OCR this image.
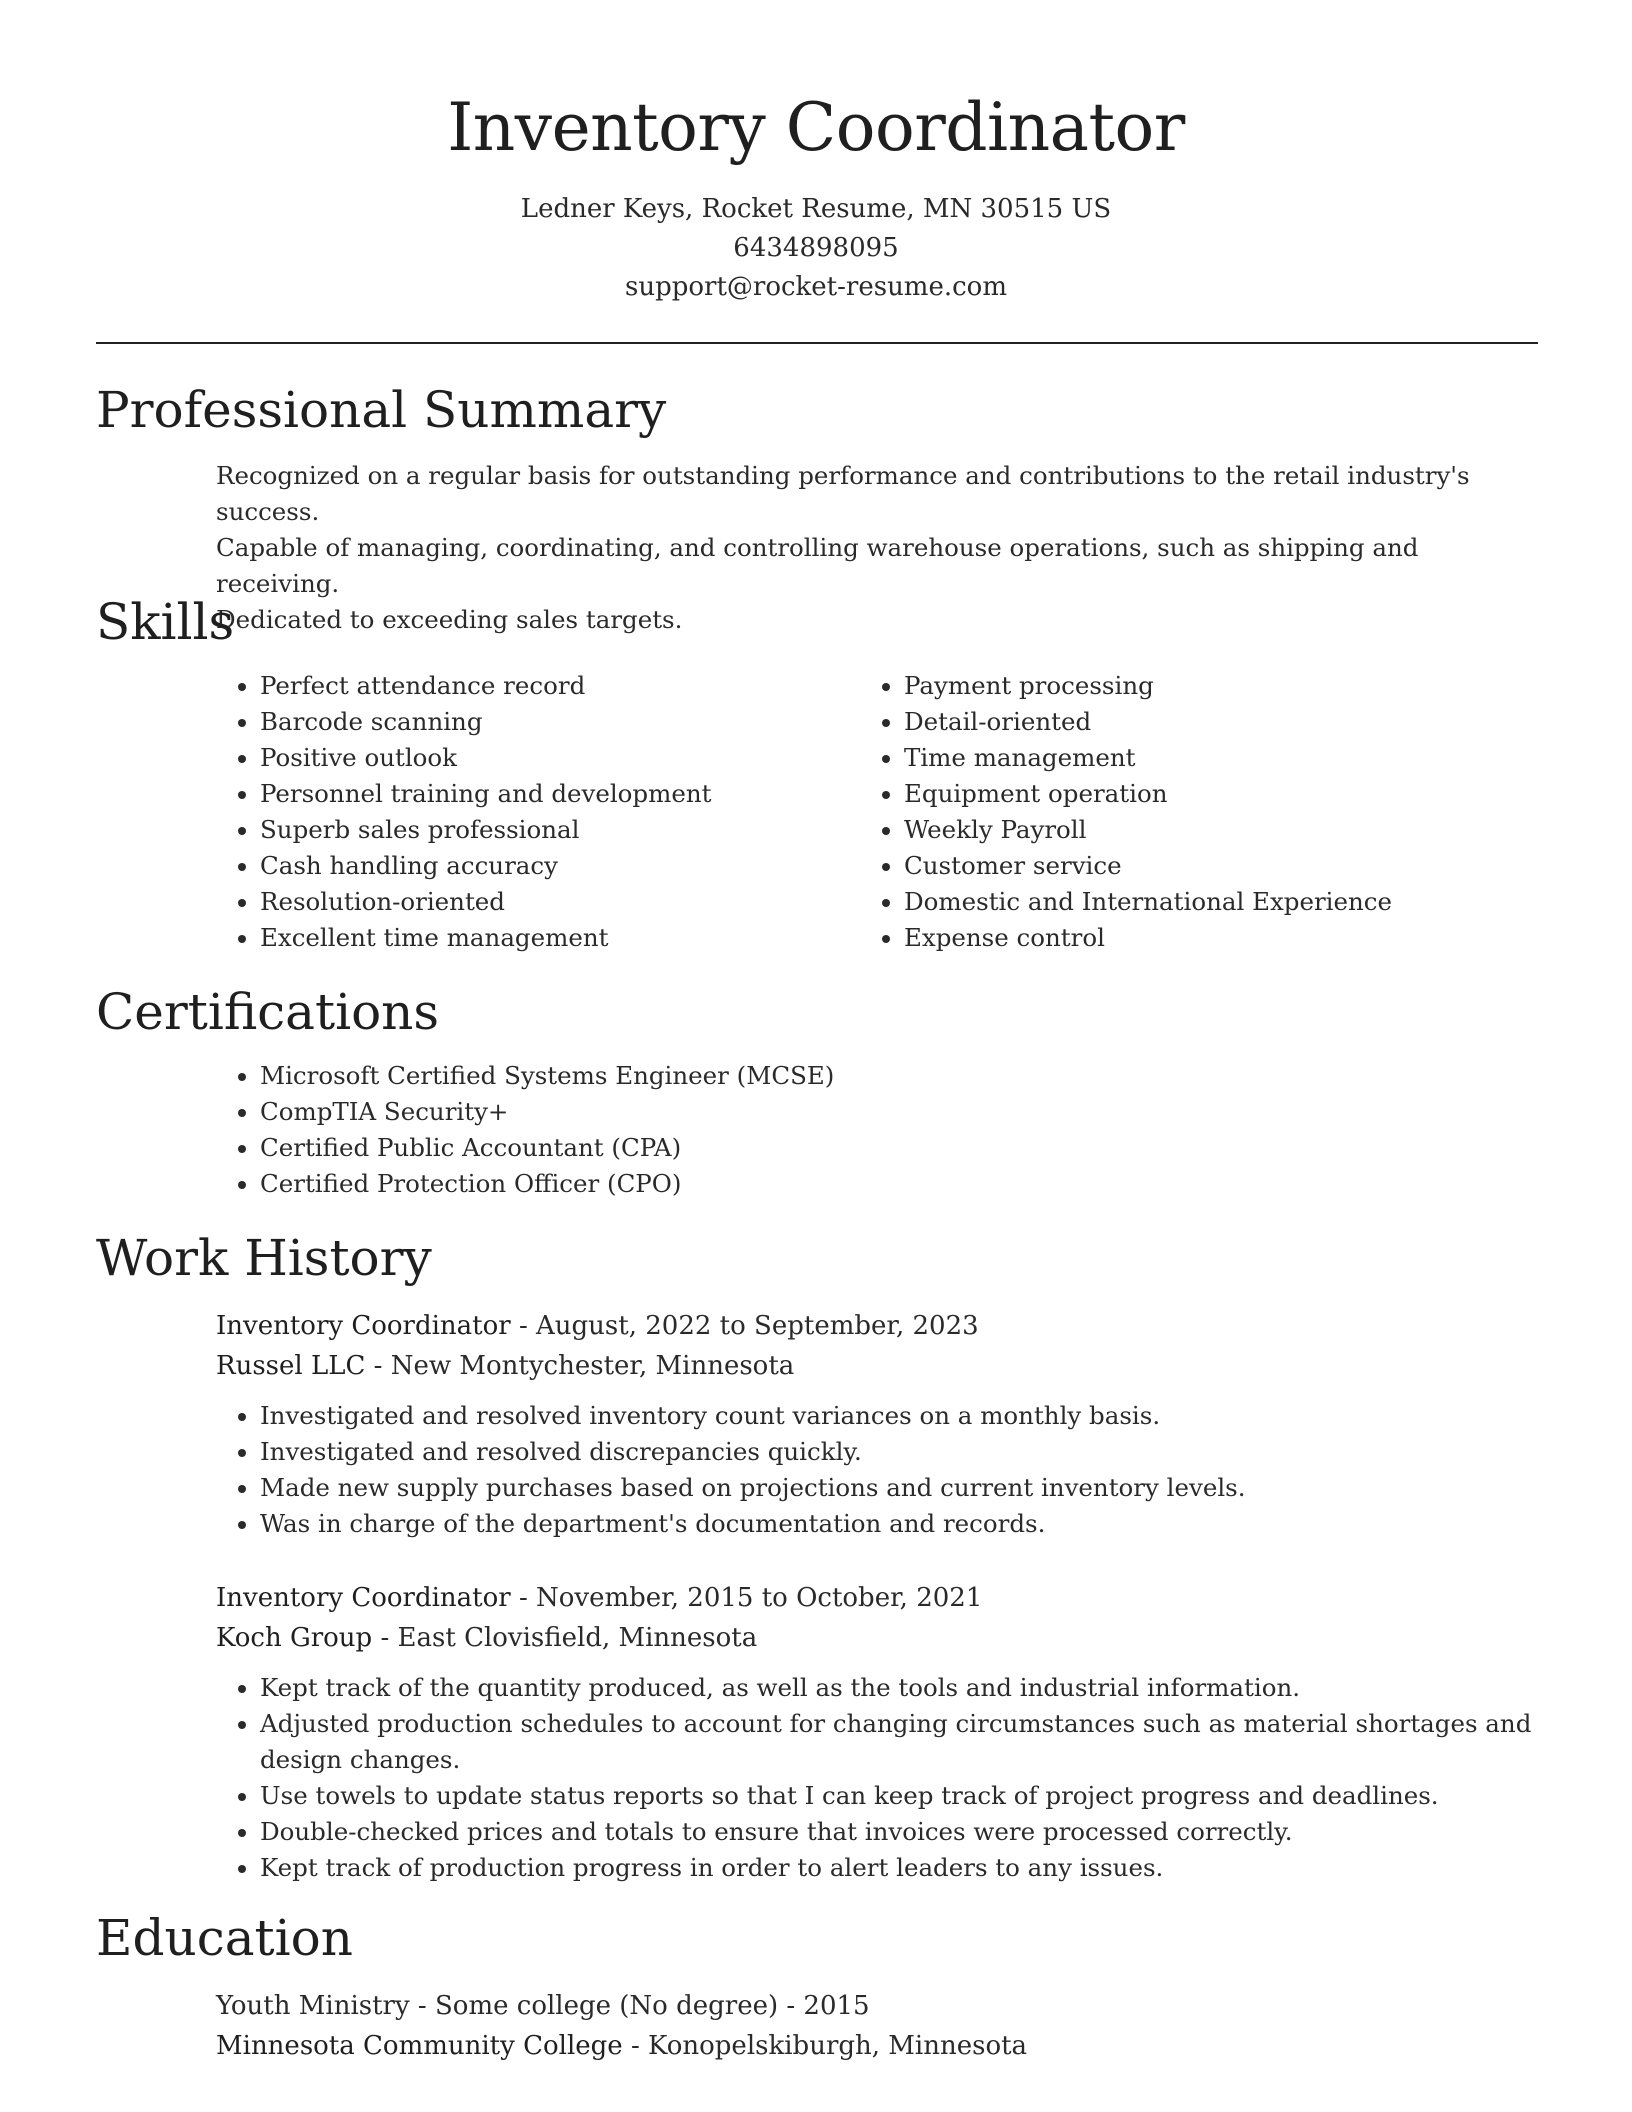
Inventory Coordinator
Ledner Keys, Rocket Resume, MN 30515 US
6434898095
support@rocket-resume.com
Professional Summary
Recognized on a regular basis for outstanding performance and contributions to the retail industry's success.
Capable of managing, coordinating, and controlling warehouse operations, such as shipping and receiving.
Dedicated to exceeding sales targets.
Skills
• Perfect attendance record
• Barcode scanning
• Positive outlook
• Personnel training and development
• Superb sales professional
• Cash handling accuracy
• Resolution-oriented
• Excellent time management
• Payment processing
• Detail-oriented
• Time management
• Equipment operation
• Weekly Payroll
• Customer service
• Domestic and International Experience
• Expense control
Certifications
• Microsoft Certified Systems Engineer (MCSE)
• CompTIA Security+
• Certified Public Accountant (CPA)
• Certified Protection Officer (CPO)
Work History
Inventory Coordinator - August, 2022 to September, 2023
Russel LLC - New Montychester, Minnesota
• Investigated and resolved inventory count variances on a monthly basis.
• Investigated and resolved discrepancies quickly.
• Made new supply purchases based on projections and current inventory levels.
• Was in charge of the department's documentation and records.
Inventory Coordinator - November, 2015 to October, 2021
Koch Group - East Clovisfield, Minnesota
• Kept track of the quantity produced, as well as the tools and industrial information.
• Adjusted production schedules to account for changing circumstances such as material shortages and design changes.
• Use towels to update status reports so that I can keep track of project progress and deadlines.
• Double-checked prices and totals to ensure that invoices were processed correctly.
• Kept track of production progress in order to alert leaders to any issues.
Education
Youth Ministry - Some college (No degree) - 2015
Minnesota Community College - Konopelskiburgh, Minnesota
